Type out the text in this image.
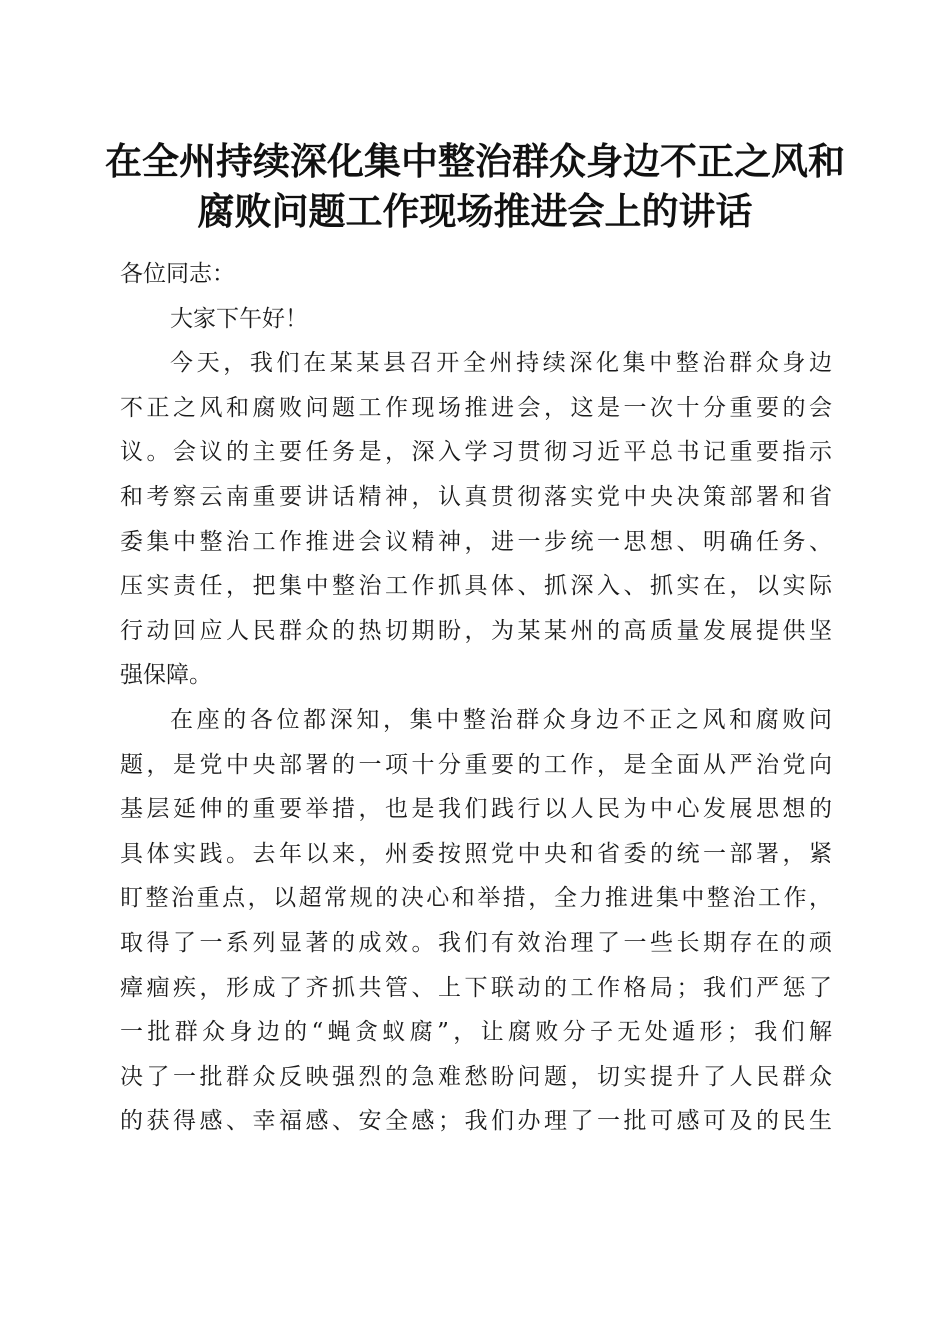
在全州持续深化集中整治群众身边不正之风和
腐败问题工作现场推进会上的讲话
各位同志：
大家下午好！
今天，我们在某某县召开全州持续深化集中整治群众身边
不正之风和腐败问题工作现场推进会，这是一次十分重要的会
议。会议的主要任务是，深入学习贯彻习近平总书记重要指示
和考察云南重要讲话精神，认真贯彻落实党中央决策部署和省
委集中整治工作推进会议精神，进一步统一思想、明确任务、
压实责任，把集中整治工作抓具体、抓深入、抓实在，以实际
行动回应人民群众的热切期盼，为某某州的高质量发展提供坚
强保障。
在座的各位都深知，集中整治群众身边不正之风和腐败问
题，是党中央部署的一项十分重要的工作，是全面从严治党向
基层延伸的重要举措，也是我们践行以人民为中心发展思想的
具体实践。去年以来，州委按照党中央和省委的统一部署，紧
盯整治重点，以超常规的决心和举措，全力推进集中整治工作，
取得了一系列显著的成效。我们有效治理了一些长期存在的顽
瘴痼疾，形成了齐抓共管、上下联动的工作格局；我们严惩了
一批群众身边的“蝇贪蚁腐”，让腐败分子无处遁形；我们解
决了一批群众反映强烈的急难愁盼问题，切实提升了人民群众
的获得感、幸福感、安全感；我们办理了一批可感可及的民生
